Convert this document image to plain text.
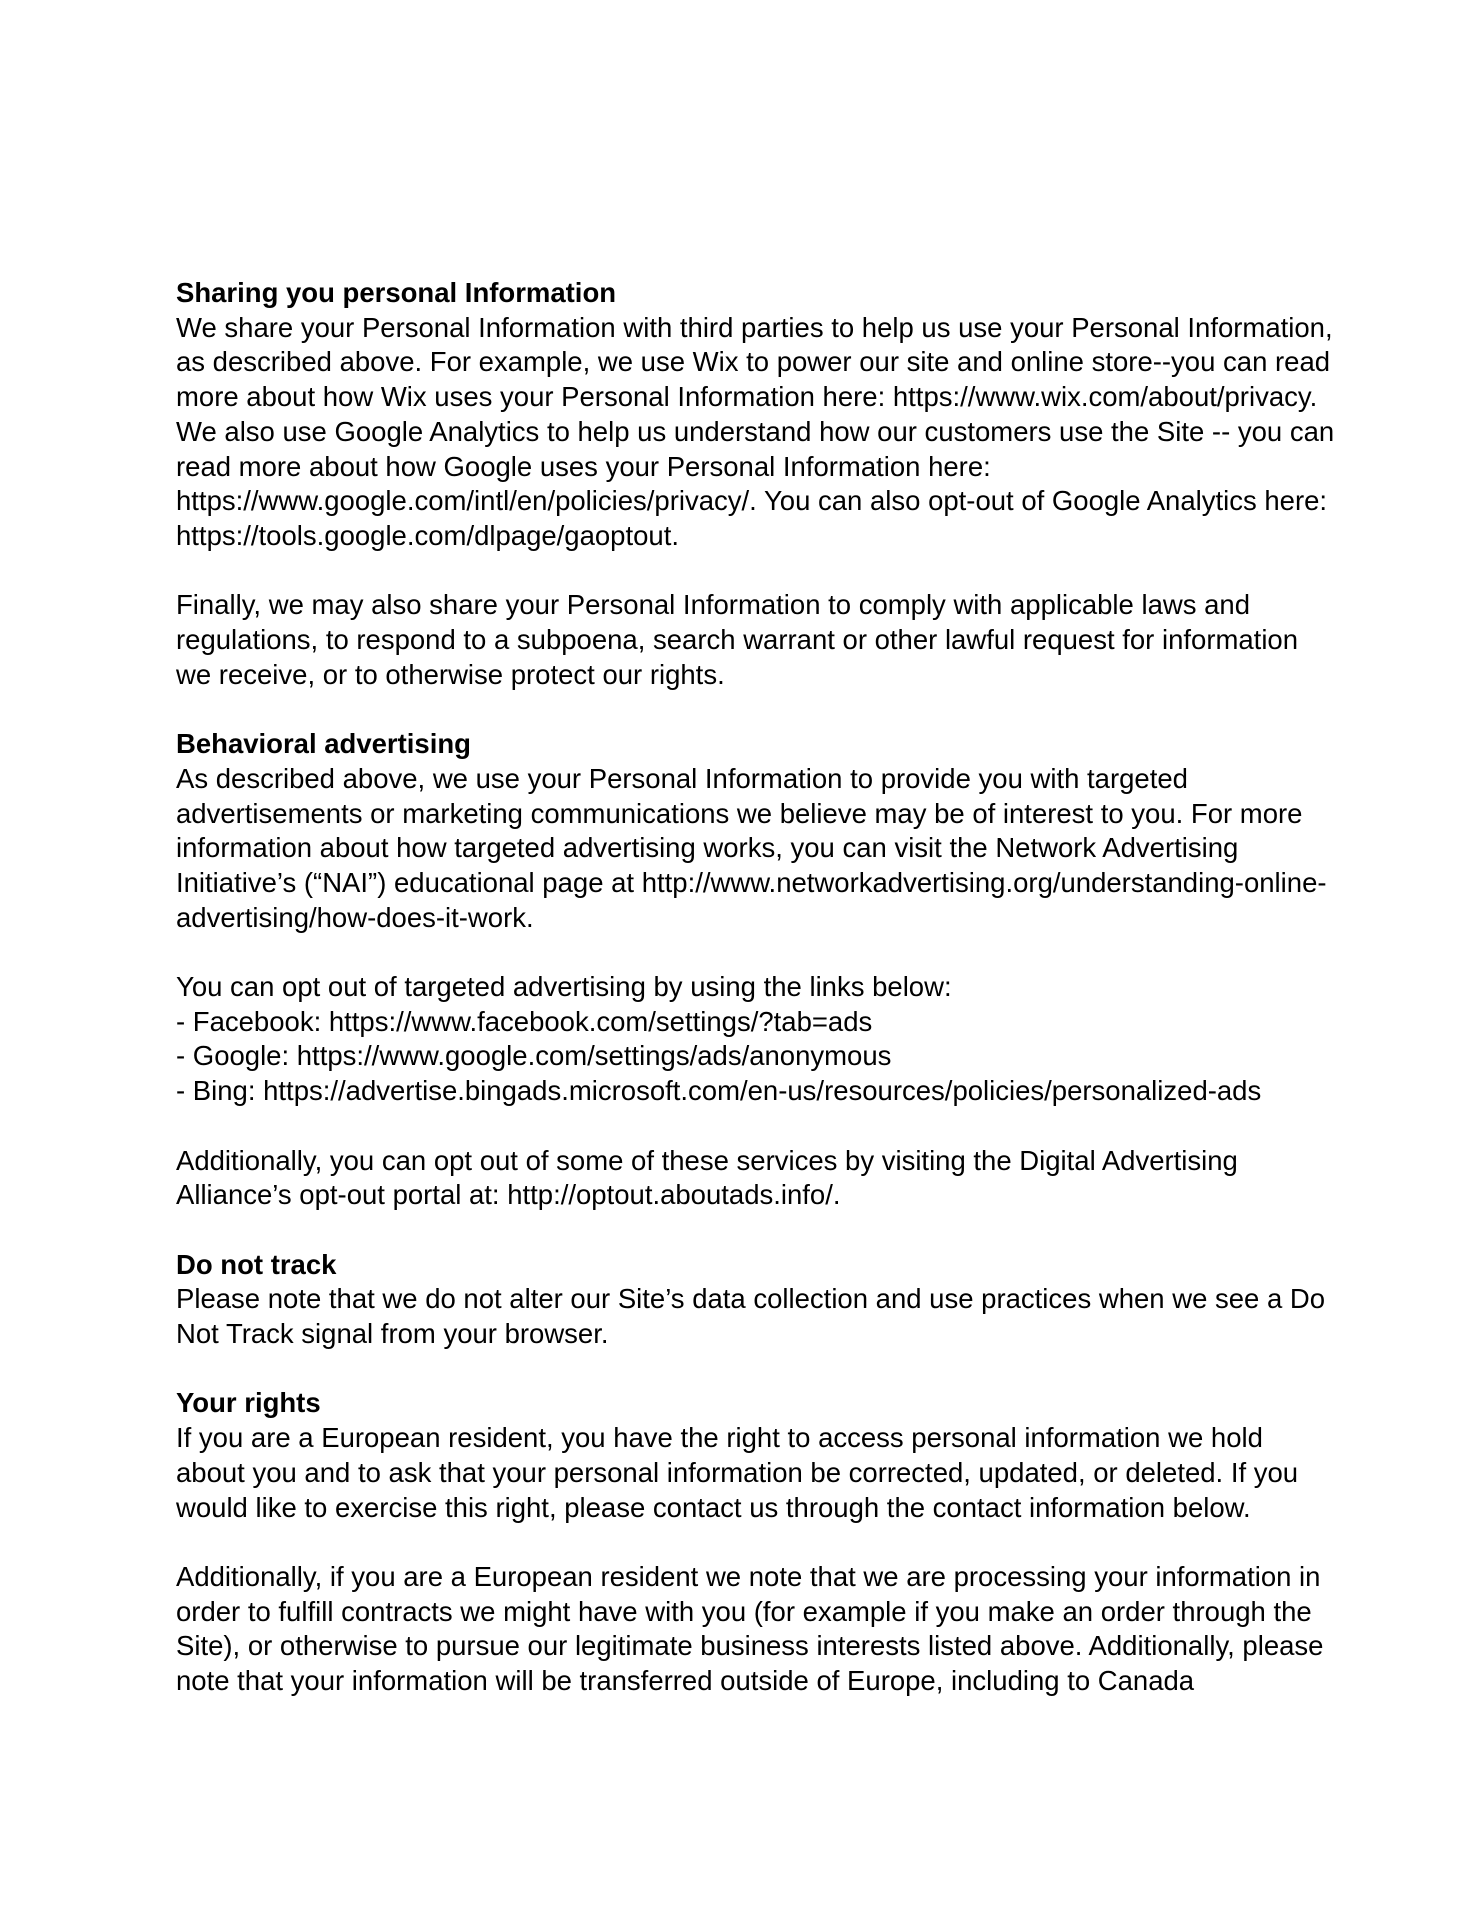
Sharing you personal Information

We share your Personal Information with third parties to help us use your Personal Information, as described above. For example, we use Wix to power our site and online store--you can read more about how Wix uses your Personal Information here: https://www.wix.com/about/privacy. We also use Google Analytics to help us understand how our customers use the Site -- you can read more about how Google uses your Personal Information here: https://www.google.com/intl/en/policies/privacy/. You can also opt-out of Google Analytics here: https://tools.google.com/dlpage/gaoptout.

Finally, we may also share your Personal Information to comply with applicable laws and regulations, to respond to a subpoena, search warrant or other lawful request for information we receive, or to otherwise protect our rights.

Behavioral advertising

As described above, we use your Personal Information to provide you with targeted advertisements or marketing communications we believe may be of interest to you. For more information about how targeted advertising works, you can visit the Network Advertising Initiative’s (“NAI”) educational page at http://www.networkadvertising.org/understanding-online-advertising/how-does-it-work.

You can opt out of targeted advertising by using the links below:

- Facebook: https://www.facebook.com/settings/?tab=ads
- Google: https://www.google.com/settings/ads/anonymous
- Bing: https://advertise.bingads.microsoft.com/en-us/resources/policies/personalized-ads

Additionally, you can opt out of some of these services by visiting the Digital Advertising Alliance’s opt-out portal at: http://optout.aboutads.info/.

Do not track

Please note that we do not alter our Site’s data collection and use practices when we see a Do Not Track signal from your browser.

Your rights

If you are a European resident, you have the right to access personal information we hold about you and to ask that your personal information be corrected, updated, or deleted. If you would like to exercise this right, please contact us through the contact information below.

Additionally, if you are a European resident we note that we are processing your information in order to fulfill contracts we might have with you (for example if you make an order through the Site), or otherwise to pursue our legitimate business interests listed above. Additionally, please note that your information will be transferred outside of Europe, including to Canada
